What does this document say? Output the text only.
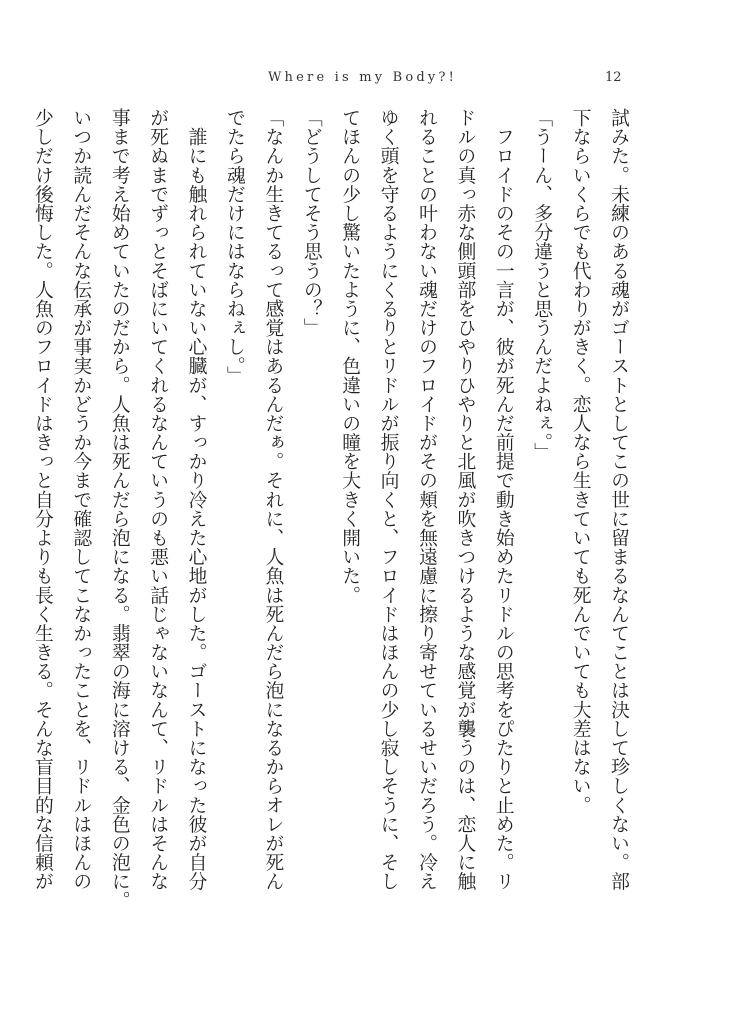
Where is my Body?!	12
試みた。未練のある魂がゴーストとしてこの世に留まるなんてことは決して珍しくない。部
下ならいくらでも代わりがきく。恋人なら生きていても死んでいても大差はない。
「うーん、多分違うと思うんだよねぇ。」
　フロイドのその一言が、彼が死んだ前提で動き始めたリドルの思考をぴたりと止めた。リ
ドルの真っ赤な側頭部をひやりひやりと北風が吹きつけるような感覚が襲うのは、恋人に触
れることの叶わない魂だけのフロイドがその頬を無遠慮に擦り寄せているせいだろう。冷え
ゆく頭を守るようにくるりとリドルが振り向くと、フロイドはほんの少し寂しそうに、そし
てほんの少し驚いたように、色違いの瞳を大きく開いた。
「どうしてそう思うの？」
「なんか生きてるって感覚はあるんだぁ。それに、人魚は死んだら泡になるからオレが死ん
でたら魂だけにはならねぇし。」
　誰にも触れられていない心臓が、すっかり冷えた心地がした。ゴーストになった彼が自分
が死ぬまでずっとそばにいてくれるなんていうのも悪い話じゃないなんて、リドルはそんな
事まで考え始めていたのだから。人魚は死んだら泡になる。翡翠の海に溶ける、金色の泡に。
いつか読んだそんな伝承が事実かどうか今まで確認してこなかったことを、リドルはほんの
少しだけ後悔した。人魚のフロイドはきっと自分よりも長く生きる。そんな盲目的な信頼が
